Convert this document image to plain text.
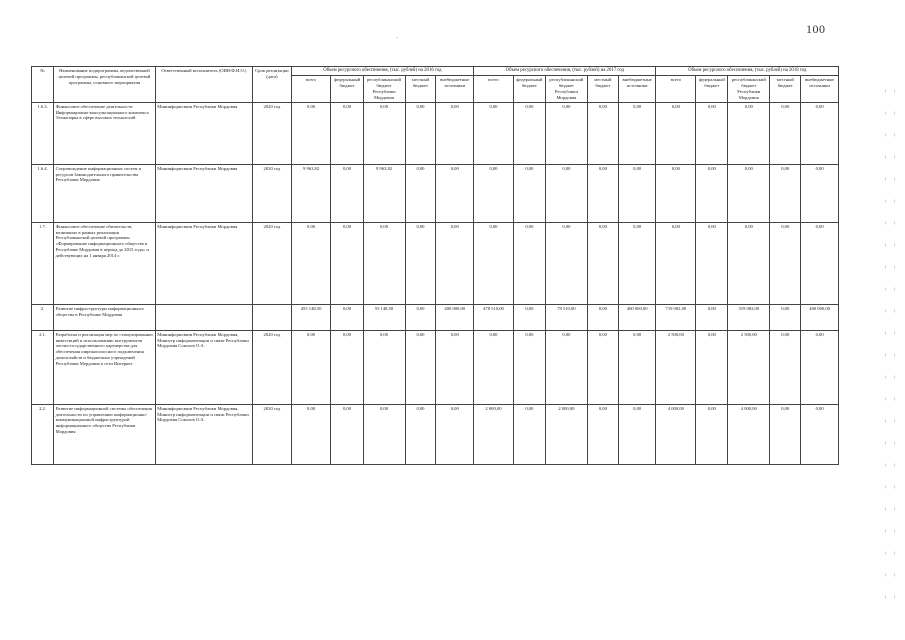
100
`
№	Наименование подпрограммы, ведомственной целевой программы, республиканской целевой программы, основного мероприятия	Ответственный исполнитель (ОИВ/Ф.И.О.)	Срок реализации (дата)	Объем ресурсного обеспечения, (тыс. рублей) на 2016 год					Объем ресурсного обеспечения, (тыс. рублей) на 2017 год					Объем ресурсного обеспечения, (тыс. рублей) на 2018 год				
				всего	федеральный бюджет	республиканский бюджет Республики Мордовия	местный бюджет	внебюджетные источники	всего	федеральный бюджет	республиканский бюджет Республики Мордовия	местный бюджет	внебюджетные источники	всего	федеральный бюджет	республиканский бюджет Республики Мордовия	местный бюджет	внебюджетные источники
1.6.3.	Финансовое обеспечение деятельности Информационно-консультационного комплекса Технопарка в сфере высоких технологий	Мининформсвязи Республики Мордовия	2020 год	0,00	0,00	0,00	0,00	0,00	0,00	0,00	0,00	0,00	0,00	0,00	0,00	0,00	0,00	0,00
1.6.4.	Сопровождение информационных систем и ресурсов Законодательного правительства Республики Мордовия	Мининформсвязи Республики Мордовия	2020 год	9 963,82	0,00	9 963,82	0,00	0,00	0,00	0,00	0,00	0,00	0,00	0,00	0,00	0,00	0,00	0,00
1.7.	Финансовое обеспечение обязательств, возникших в рамках реализации Республиканской целевой программы «Формирование информационного общества в Республике Мордовия в период до 2015 года» и действующих на 1 января 2014 г.	Мининформсвязи Республики Мордовия	2020 год	0,00	0,00	0,00	0,00	0,00	0,00	0,00	0,00	0,00	0,00	0,00	0,00	0,00	0,00	0,00
2.	Развитие инфраструктуры информационного общества в Республике Мордовия			455 148,50	0,00	55 148,50	0,00	400 000,00	478 510,00	0,00	78 510,00	0,00	400 000,00	719 082,00	0,00	319 082,00	0,00	400 000,00
2.1.	Разработка и реализация мер по стимулированию инвестиций и использованию инструментов частно-государственного партнерства для обеспечения широкополосного подключения домохозяйств и бюджетных учреждений Республики Мордовия к сети Интернет	Мининформсвязи Республики Мордовия, Министр информатизации и связи Республики Мордовия Соколов О.А.	2020 год	0,00	0,00	0,00	0,00	0,00	0,00	0,00	0,00	0,00	0,00	2 500,00	0,00	2 500,00	0,00	0,00
2.2.	Развитие информационной системы обеспечения деятельности по управлению информационно-коммуникационной инфраструктурой информационного общества Республики Мордовия	Мининформсвязи Республики Мордовия, Министр информатизации и связи Республики Мордовия Соколов О.А.	2020 год	0,00	0,00	0,00	0,00	0,00	2 000,00	0,00	2 000,00	0,00	0,00	4 000,00	0,00	4 000,00	0,00	0,00
